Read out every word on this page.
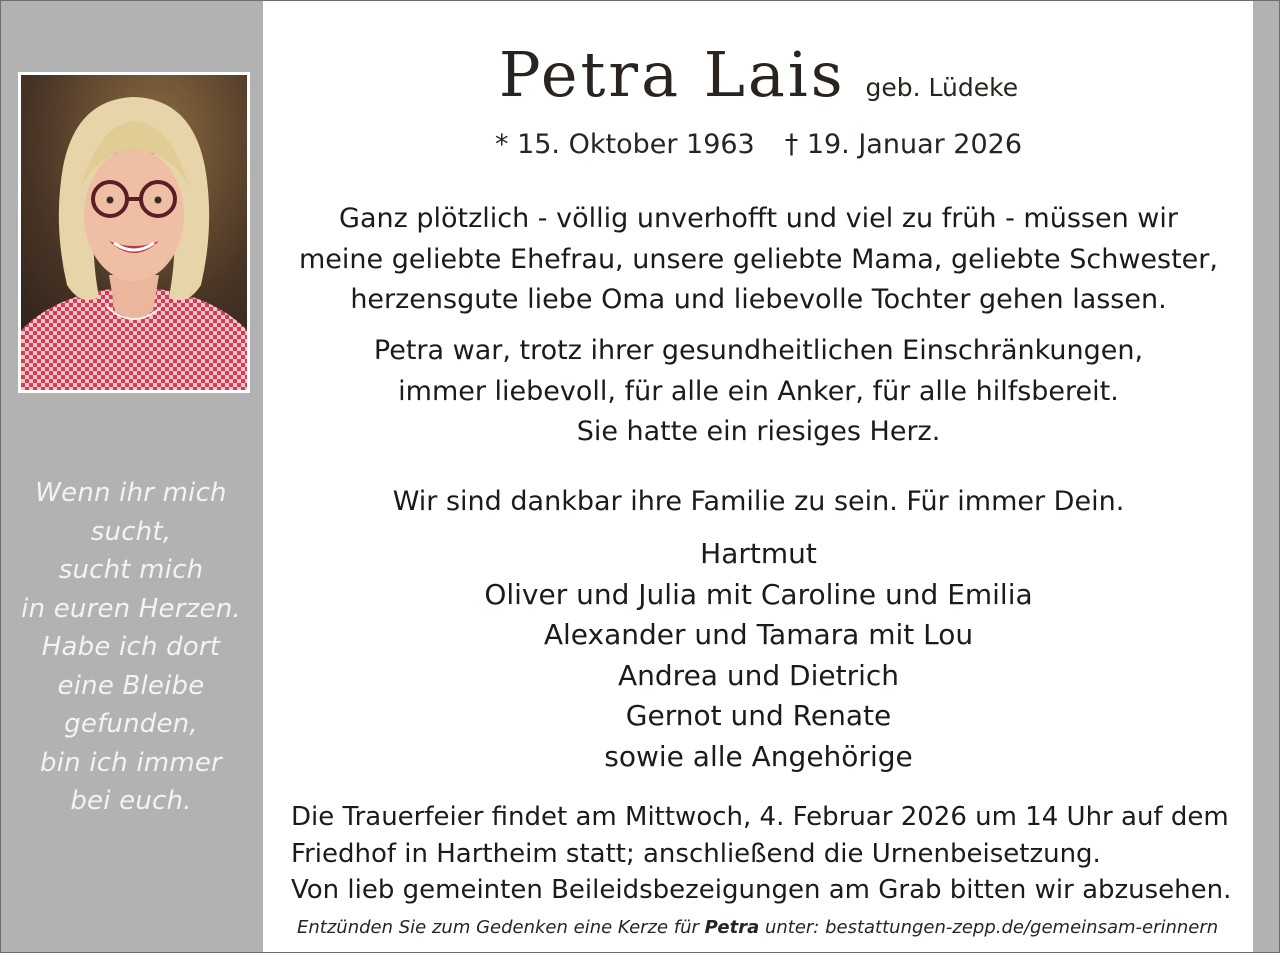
Wenn ihr mich
sucht,
sucht mich
in euren Herzen.
Habe ich dort
eine Bleibe
gefunden,
bin ich immer
bei euch.
Petra Lais geb. Lüdeke
* 15. Oktober 1963 † 19. Januar 2026
Ganz plötzlich - völlig unverhofft und viel zu früh - müssen wir
meine geliebte Ehefrau, unsere geliebte Mama, geliebte Schwester,
herzensgute liebe Oma und liebevolle Tochter gehen lassen.
Petra war, trotz ihrer gesundheitlichen Einschränkungen,
immer liebevoll, für alle ein Anker, für alle hilfsbereit.
Sie hatte ein riesiges Herz.
Wir sind dankbar ihre Familie zu sein. Für immer Dein.
Hartmut
Oliver und Julia mit Caroline und Emilia
Alexander und Tamara mit Lou
Andrea und Dietrich
Gernot und Renate
sowie alle Angehörige
Die Trauerfeier findet am Mittwoch, 4. Februar 2026 um 14 Uhr auf dem
Friedhof in Hartheim statt; anschließend die Urnenbeisetzung.
Von lieb gemeinten Beileidsbezeigungen am Grab bitten wir abzusehen.
Entzünden Sie zum Gedenken eine Kerze für Petra unter: bestattungen-zepp.de/gemeinsam-erinnern
